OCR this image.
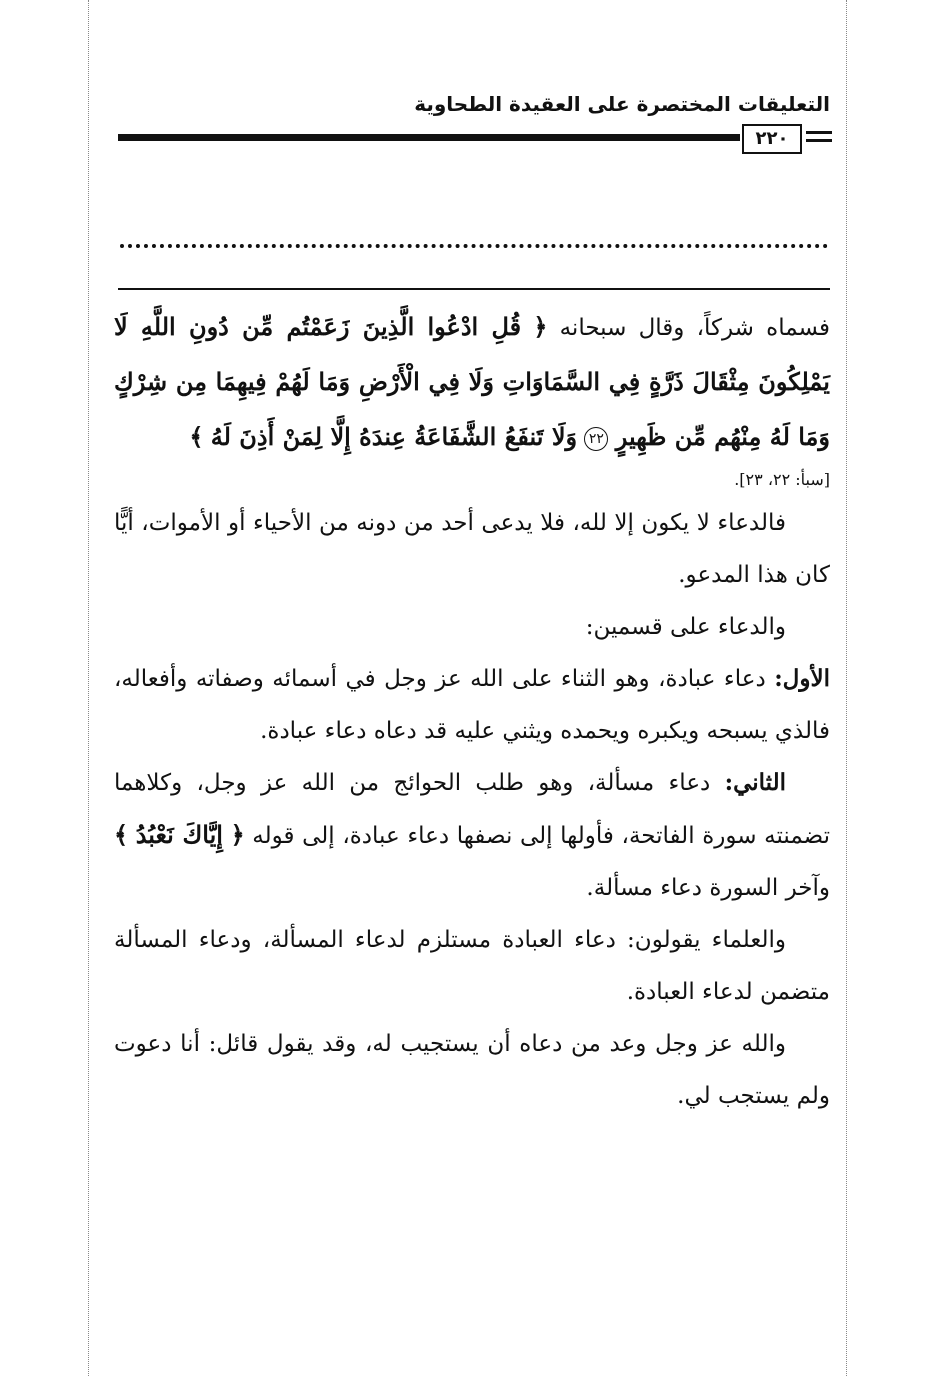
التعليقات المختصرة على العقيدة الطحاوية
٢٢٠

فسماه شركاً، وقال سبحانه ﴿ قُلِ ادْعُوا الَّذِينَ زَعَمْتُم مِّن دُونِ اللَّهِ لَا يَمْلِكُونَ مِثْقَالَ ذَرَّةٍ فِي السَّمَاوَاتِ وَلَا فِي الْأَرْضِ وَمَا لَهُمْ فِيهِمَا مِن شِرْكٍ وَمَا لَهُ مِنْهُم مِّن ظَهِيرٍ ٢٢ وَلَا تَنفَعُ الشَّفَاعَةُ عِندَهُ إِلَّا لِمَنْ أَذِنَ لَهُ ﴾

[سبأ: ٢٢، ٢٣].

فالدعاء لا يكون إلا لله، فلا يدعى أحد من دونه من الأحياء أو الأموات، أيًّا كان هذا المدعو.

والدعاء على قسمين:

الأول: دعاء عبادة، وهو الثناء على الله عز وجل في أسمائه وصفاته وأفعاله، فالذي يسبحه ويكبره ويحمده ويثني عليه قد دعاه دعاء عبادة.

الثاني: دعاء مسألة، وهو طلب الحوائج من الله عز وجل، وكلاهما تضمنته سورة الفاتحة، فأولها إلى نصفها دعاء عبادة، إلى قوله ﴿ إِيَّاكَ نَعْبُدُ ﴾ وآخر السورة دعاء مسألة.

والعلماء يقولون: دعاء العبادة مستلزم لدعاء المسألة، ودعاء المسألة متضمن لدعاء العبادة.

والله عز وجل وعد من دعاه أن يستجيب له، وقد يقول قائل: أنا دعوت ولم يستجب لي.
